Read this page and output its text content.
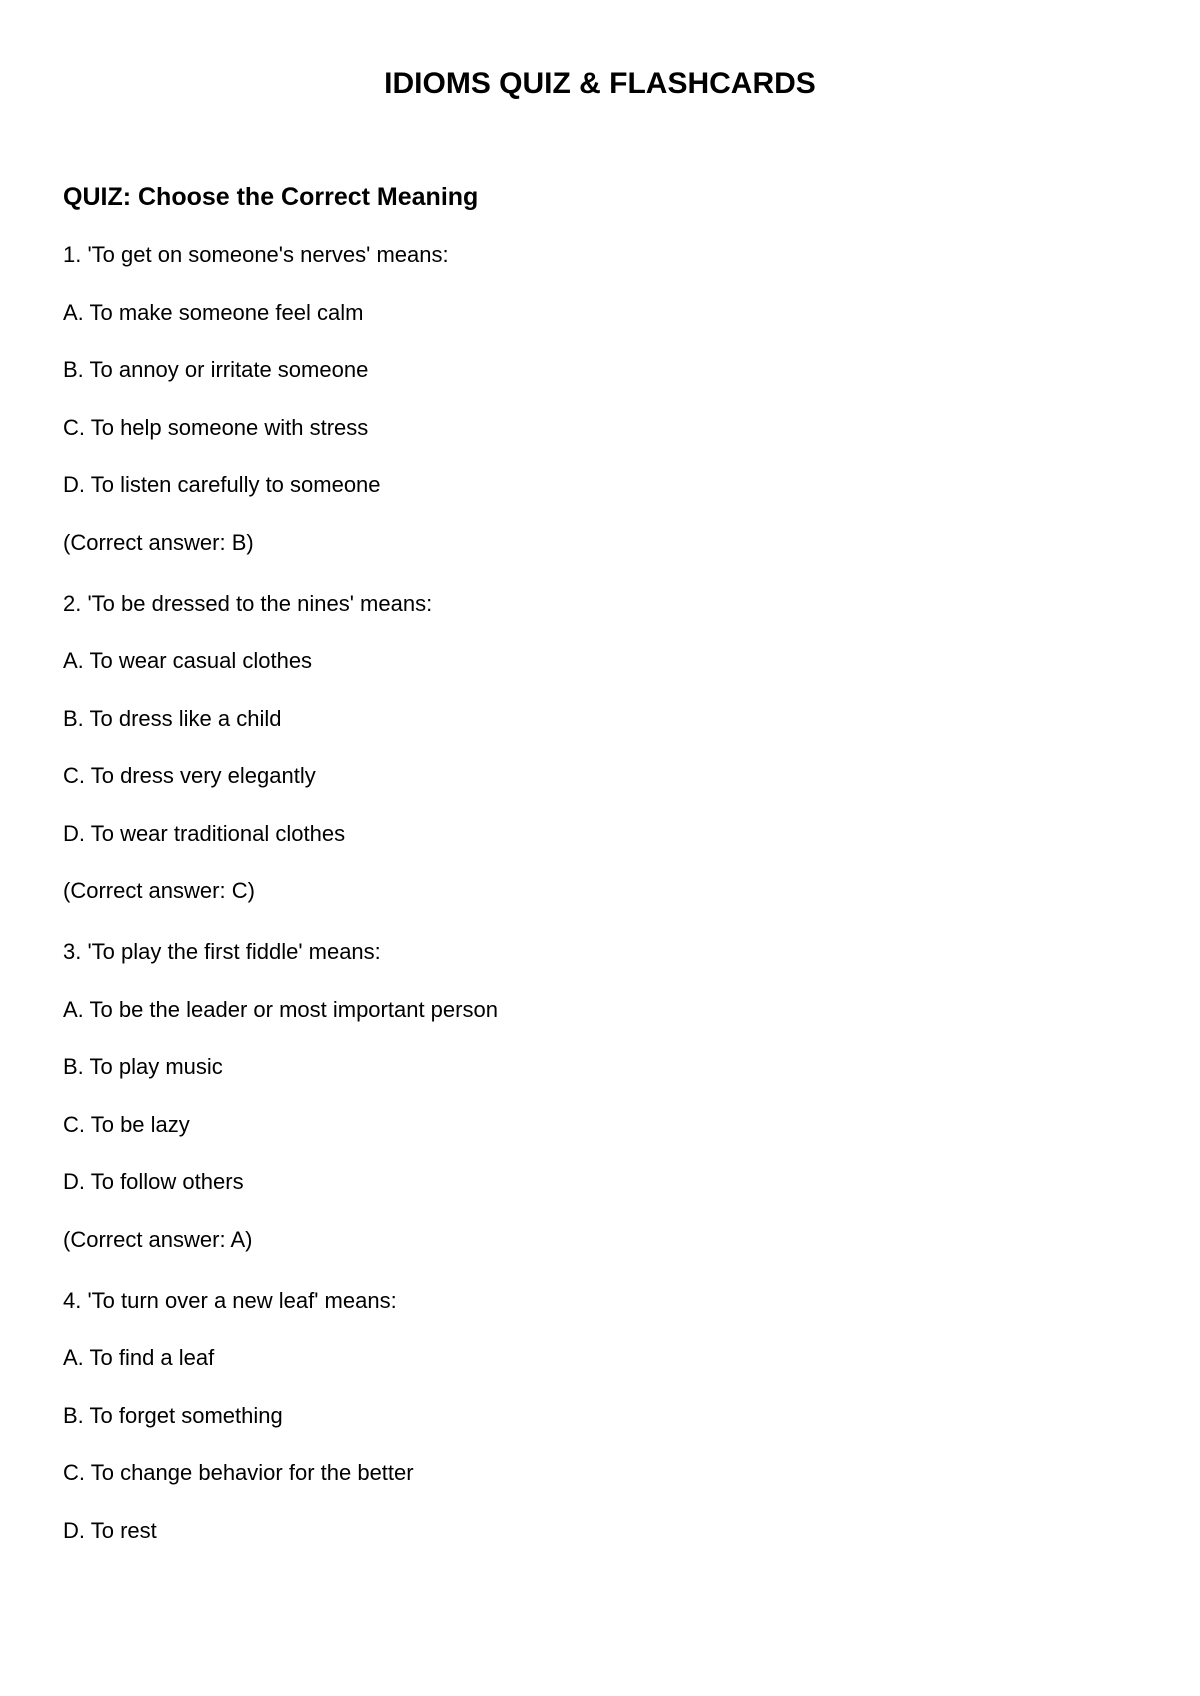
IDIOMS QUIZ & FLASHCARDS
QUIZ: Choose the Correct Meaning
1. 'To get on someone's nerves' means:
A. To make someone feel calm
B. To annoy or irritate someone
C. To help someone with stress
D. To listen carefully to someone
(Correct answer: B)
2. 'To be dressed to the nines' means:
A. To wear casual clothes
B. To dress like a child
C. To dress very elegantly
D. To wear traditional clothes
(Correct answer: C)
3. 'To play the first fiddle' means:
A. To be the leader or most important person
B. To play music
C. To be lazy
D. To follow others
(Correct answer: A)
4. 'To turn over a new leaf' means:
A. To find a leaf
B. To forget something
C. To change behavior for the better
D. To rest
